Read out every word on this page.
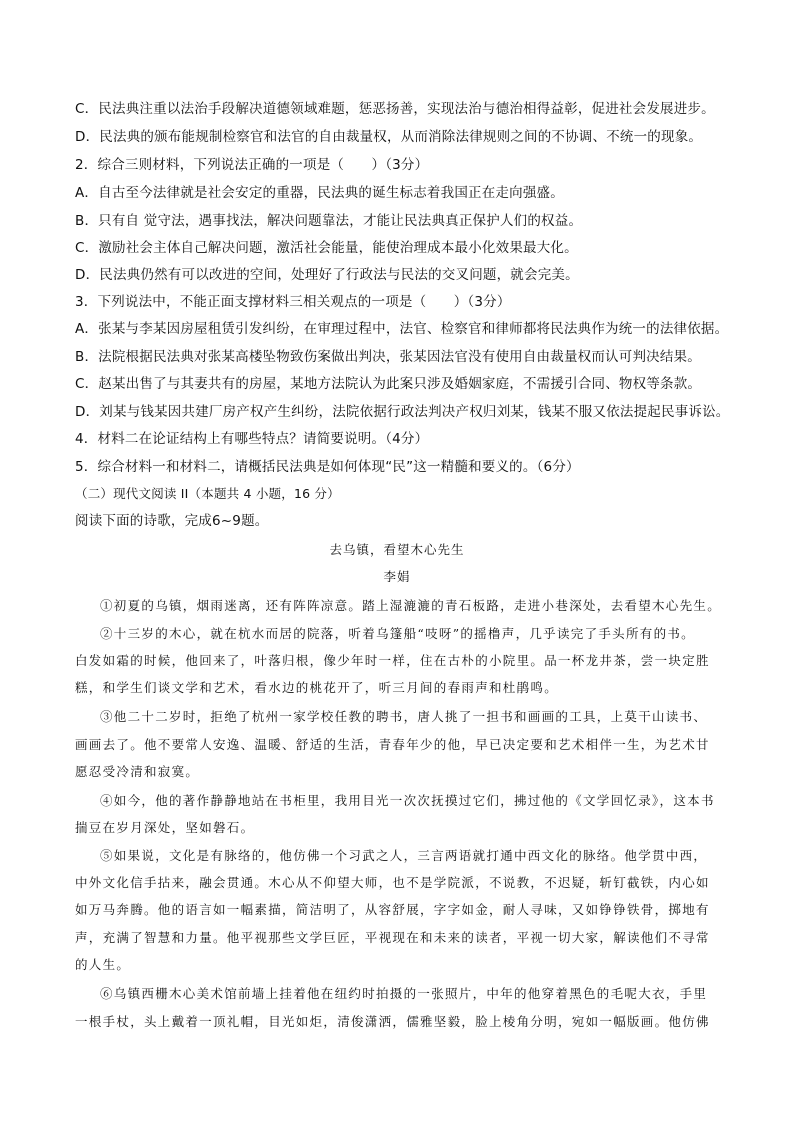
C．民法典注重以法治手段解决道德领域难题，惩恶扬善，实现法治与德治相得益彰，促进社会发展进步。
D．民法典的颁布能规制检察官和法官的自由裁量权，从而消除法律规则之间的不协调、不统一的现象。
2．综合三则材料，下列说法正确的一项是（　　）（3分）
A．自古至今法律就是社会安定的重器，民法典的诞生标志着我国正在走向强盛。
B．只有自 觉守法，遇事找法，解决问题靠法，才能让民法典真正保护人们的权益。
C．激励社会主体自己解决问题，激活社会能量，能使治理成本最小化效果最大化。
D．民法典仍然有可以改进的空间，处理好了行政法与民法的交叉问题，就会完美。
3．下列说法中，不能正面支撑材料三相关观点的一项是（　　）（3分）
A．张某与李某因房屋租赁引发纠纷，在审理过程中，法官、检察官和律师都将民法典作为统一的法律依据。
B．法院根据民法典对张某高楼坠物致伤案做出判决，张某因法官没有使用自由裁量权而认可判决结果。
C．赵某出售了与其妻共有的房屋，某地方法院认为此案只涉及婚姻家庭，不需援引合同、物权等条款。
D．刘某与钱某因共建厂房产权产生纠纷，法院依据行政法判决产权归刘某，钱某不服又依法提起民事诉讼。
4．材料二在论证结构上有哪些特点？请简要说明。（4分）
5．综合材料一和材料二，请概括民法典是如何体现“民”这一精髓和要义的。（6分）
（二）现代文阅读 II（本题共 4 小题，16 分）
阅读下面的诗歌，完成6~9题。
去乌镇，看望木心先生
李娟
①初夏的乌镇，烟雨迷离，还有阵阵凉意。踏上湿漉漉的青石板路，走进小巷深处，去看望木心先生。
②十三岁的木心，就在杭水而居的院落，听着乌篷船“吱呀”的摇橹声，几乎读完了手头所有的书。
白发如霜的时候，他回来了，叶落归根，像少年时一样，住在古朴的小院里。品一杯龙井茶，尝一块定胜
糕，和学生们谈文学和艺术，看水边的桃花开了，听三月间的春雨声和杜鹃鸣。
③他二十二岁时，拒绝了杭州一家学校任教的聘书，唐人挑了一担书和画画的工具，上莫干山读书、
画画去了。他不要常人安逸、温暖、舒适的生活，青春年少的他，早已决定要和艺术相伴一生，为艺术甘
愿忍受冷清和寂寞。
④如今，他的著作静静地站在书柜里，我用目光一次次抚摸过它们，拂过他的《文学回忆录》，这本书
揣豆在岁月深处，坚如磐石。
⑤如果说，文化是有脉络的，他仿佛一个习武之人，三言两语就打通中西文化的脉络。他学贯中西，
中外文化信手拈来，融会贯通。木心从不仰望大师，也不是学院派，不说教，不迟疑，斩钉截铁，内心如
如万马奔腾。他的语言如一幅素描，简洁明了，从容舒展，字字如金，耐人寻味，又如铮铮铁骨，掷地有
声，充满了智慧和力量。他平视那些文学巨匠，平视现在和未来的读者，平视一切大家，解读他们不寻常
的人生。
⑥乌镇西栅木心美术馆前墙上挂着他在纽约时拍摄的一张照片，中年的他穿着黑色的毛呢大衣，手里
一根手杖，头上戴着一顶礼帽，目光如炬，清俊潇洒，儒雅坚毅，脸上棱角分明，宛如一幅版画。他仿佛
